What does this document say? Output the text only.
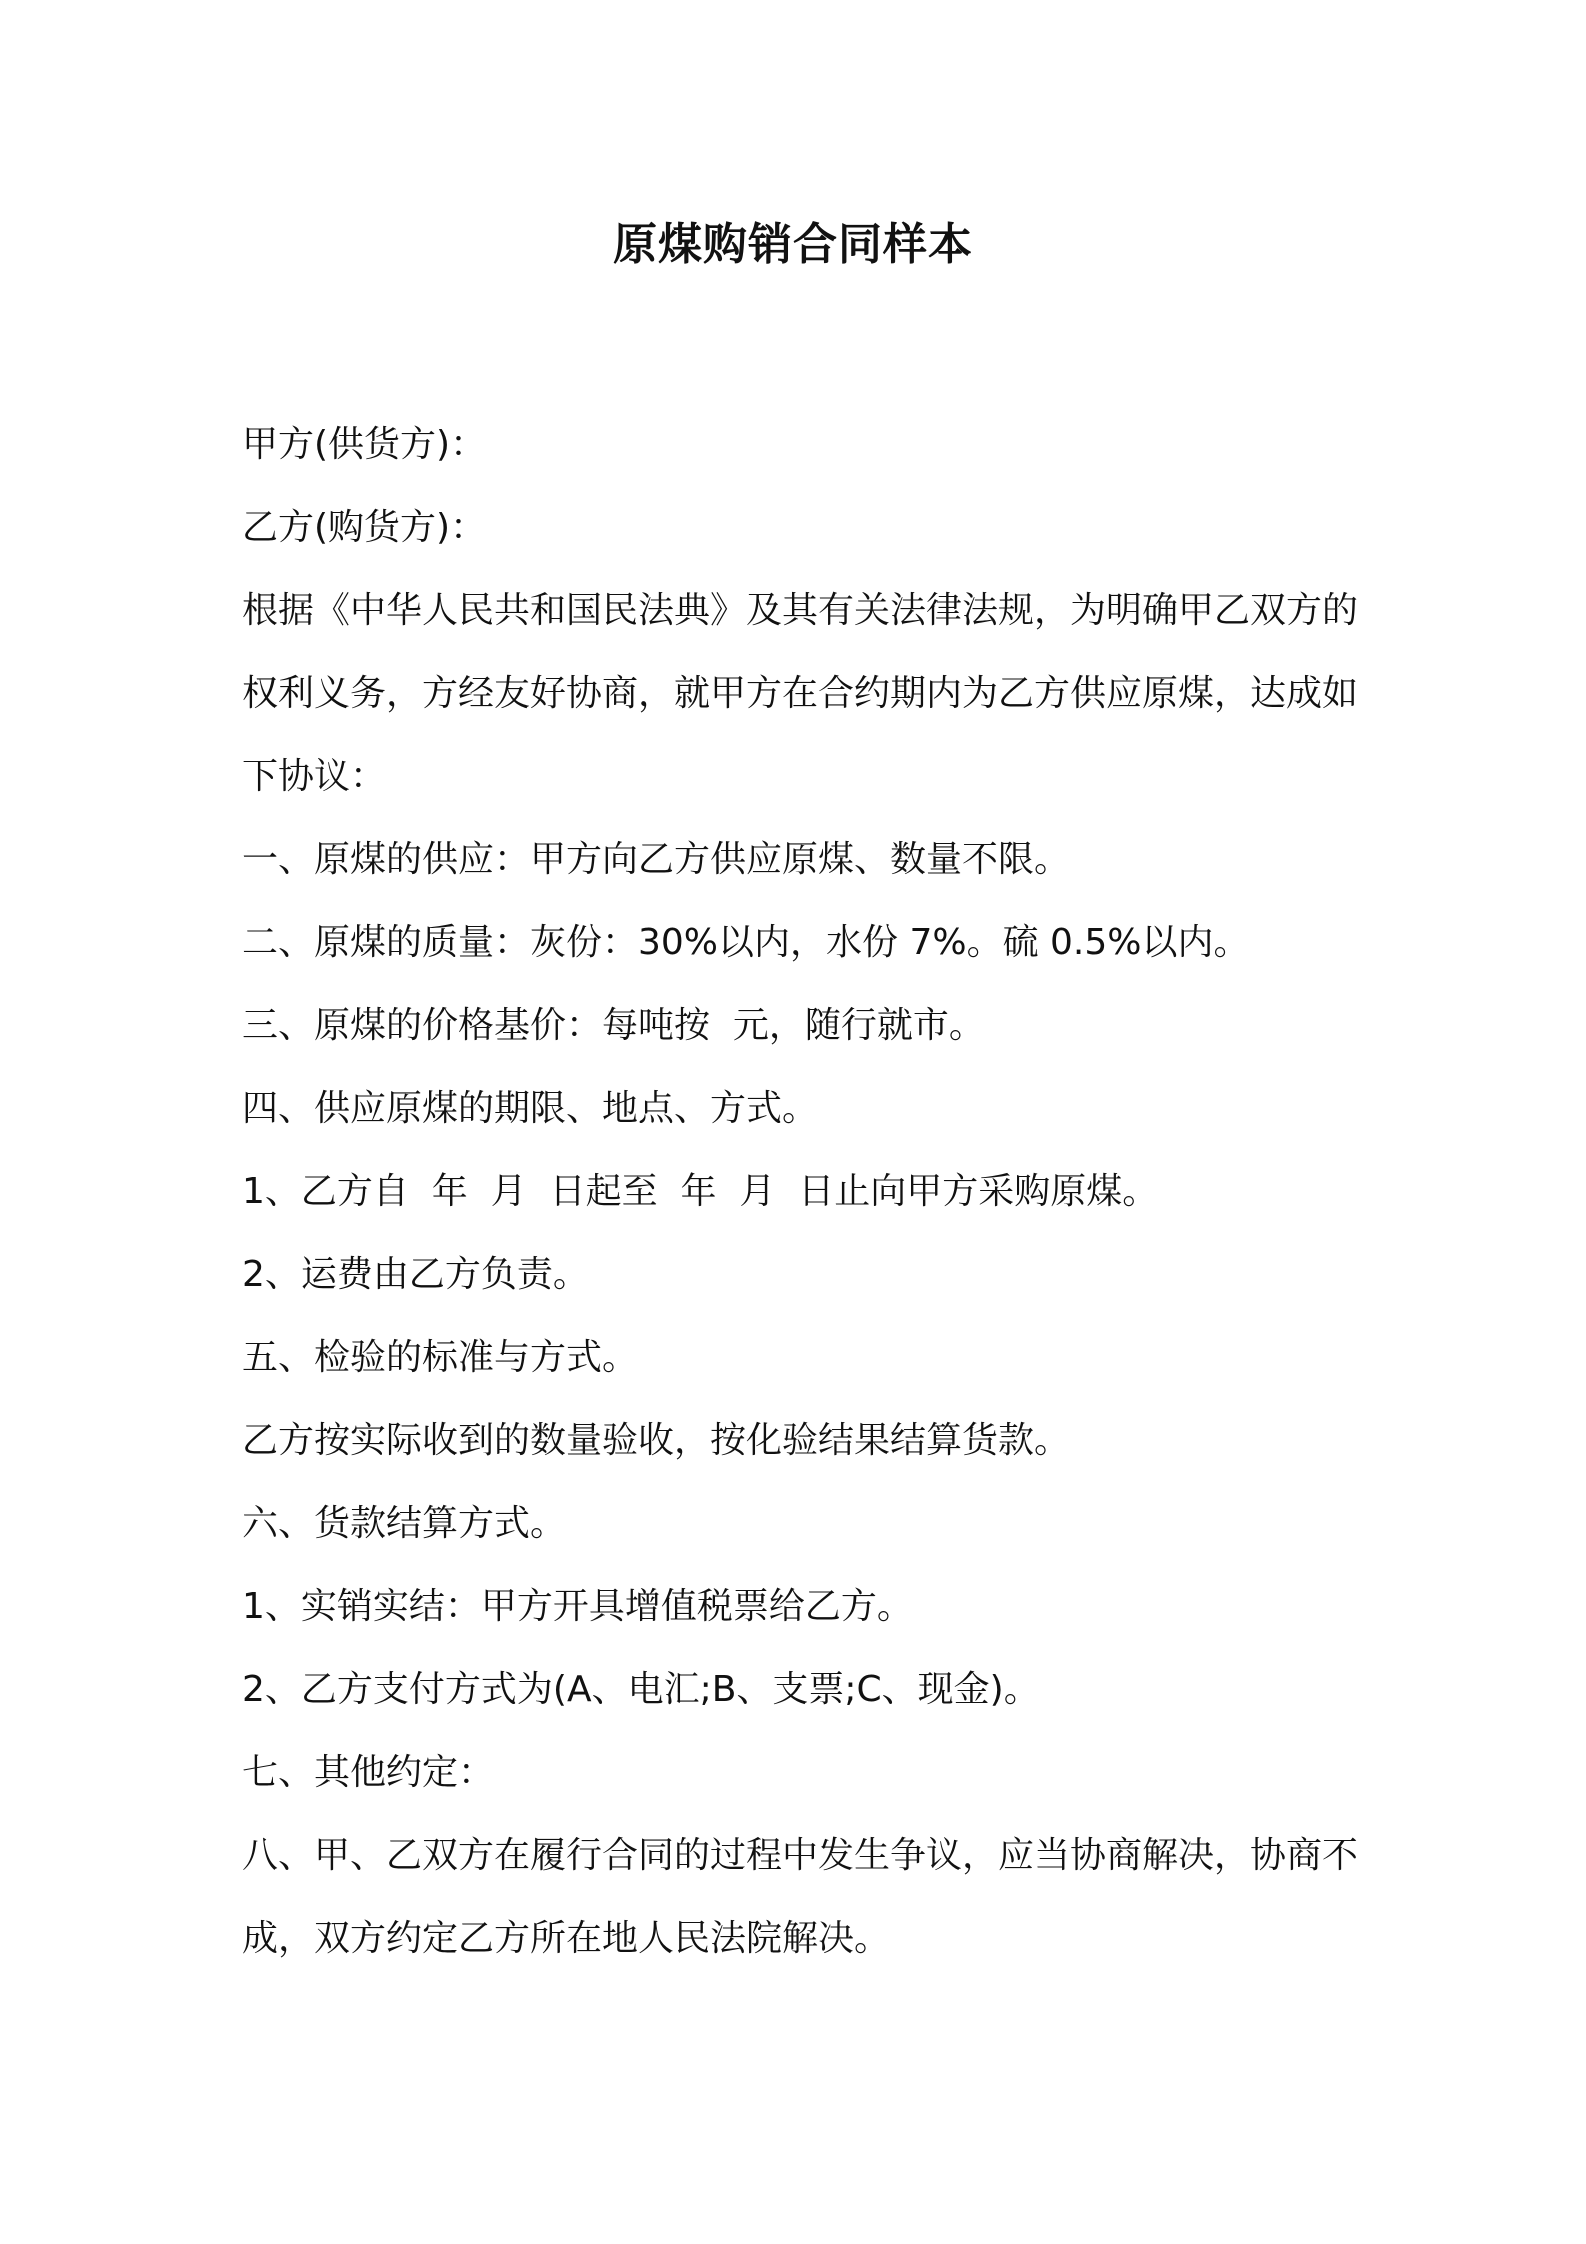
原煤购销合同样本

甲方(供货方)：

乙方(购货方)：

根据《中华人民共和国民法典》及其有关法律法规，为明确甲乙双方的权利义务，方经友好协商，就甲方在合约期内为乙方供应原煤，达成如下协议：

一、原煤的供应：甲方向乙方供应原煤、数量不限。

二、原煤的质量：灰份：30%以内，水份 7%。硫 0.5%以内。

三、原煤的价格基价：每吨按  元，随行就市。

四、供应原煤的期限、地点、方式。

1、乙方自  年  月  日起至  年  月  日止向甲方采购原煤。

2、运费由乙方负责。

五、检验的标准与方式。

乙方按实际收到的数量验收，按化验结果结算货款。

六、货款结算方式。

1、实销实结：甲方开具增值税票给乙方。

2、乙方支付方式为(A、电汇;B、支票;C、现金)。

七、其他约定：

八、甲、乙双方在履行合同的过程中发生争议，应当协商解决，协商不成，双方约定乙方所在地人民法院解决。
